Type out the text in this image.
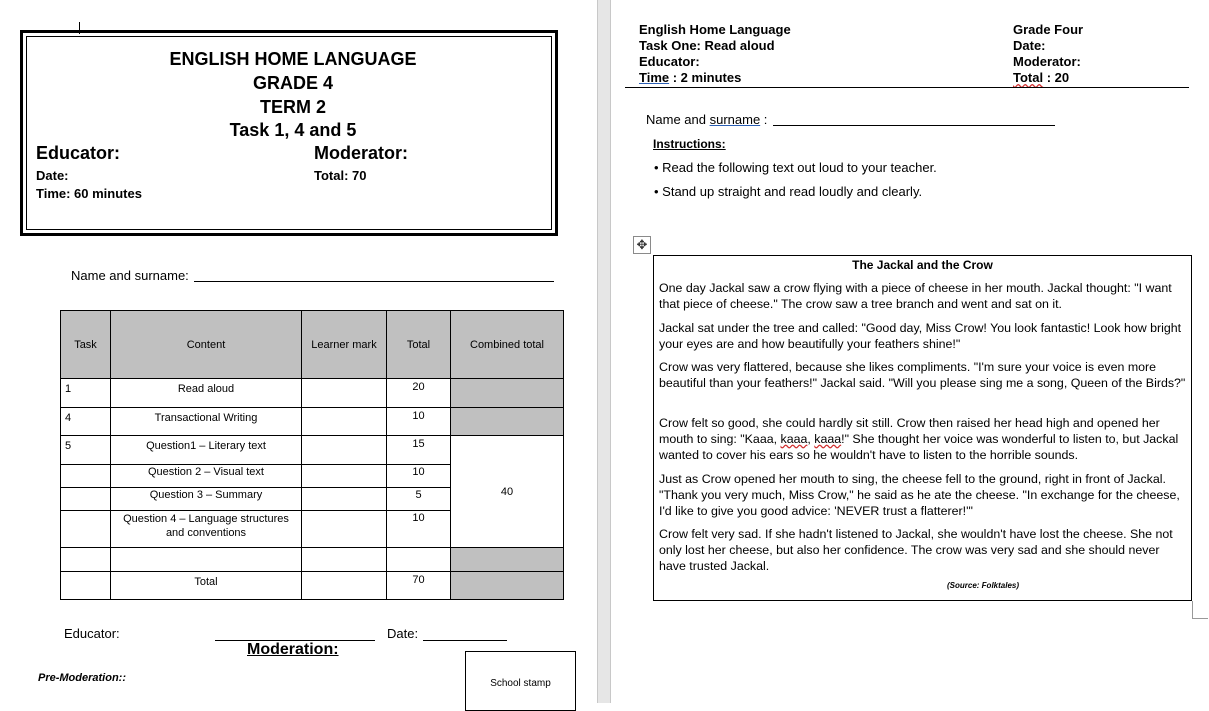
ENGLISH HOME LANGUAGE
GRADE 4
TERM 2
Task 1, 4 and 5
Educator:	Moderator:
Date:	Total: 70
Time: 60 minutes
Name and surname:
Task	Content	Learner mark	Total	Combined total
1	Read aloud		20	
4	Transactional Writing		10	
5	Question1 – Literary text		15	40
	Question 2 – Visual text		10	
	Question 3 – Summary		5	
	Question 4 – Language structures and conventions		10	

	Total		70	
Educator:	Date:
Moderation:
Pre-Moderation::	School stamp
English Home Language
Task One: Read aloud
Educator:
Time : 2 minutes
Grade Four
Date:
Moderator:
Total : 20
Name and surname :
Instructions:
• Read the following text out loud to your teacher.
• Stand up straight and read loudly and clearly.
✥
The Jackal and the Crow
One day Jackal saw a crow flying with a piece of cheese in her mouth. Jackal thought: "I want that piece of cheese." The crow saw a tree branch and went and sat on it.
Jackal sat under the tree and called: "Good day, Miss Crow! You look fantastic! Look how bright your eyes are and how beautifully your feathers shine!"
Crow was very flattered, because she likes compliments. "I'm sure your voice is even more beautiful than your feathers!" Jackal said. "Will you please sing me a song, Queen of the Birds?"
Crow felt so good, she could hardly sit still. Crow then raised her head high and opened her mouth to sing: "Kaaa, kaaa, kaaa!" She thought her voice was wonderful to listen to, but Jackal wanted to cover his ears so he wouldn't have to listen to the horrible sounds.
Just as Crow opened her mouth to sing, the cheese fell to the ground, right in front of Jackal. "Thank you very much, Miss Crow," he said as he ate the cheese. "In exchange for the cheese, I'd like to give you good advice: 'NEVER trust a flatterer!'"
Crow felt very sad. If she hadn't listened to Jackal, she wouldn't have lost the cheese. She not only lost her cheese, but also her confidence. The crow was very sad and she should never have trusted Jackal.
(Source: Folktales)
